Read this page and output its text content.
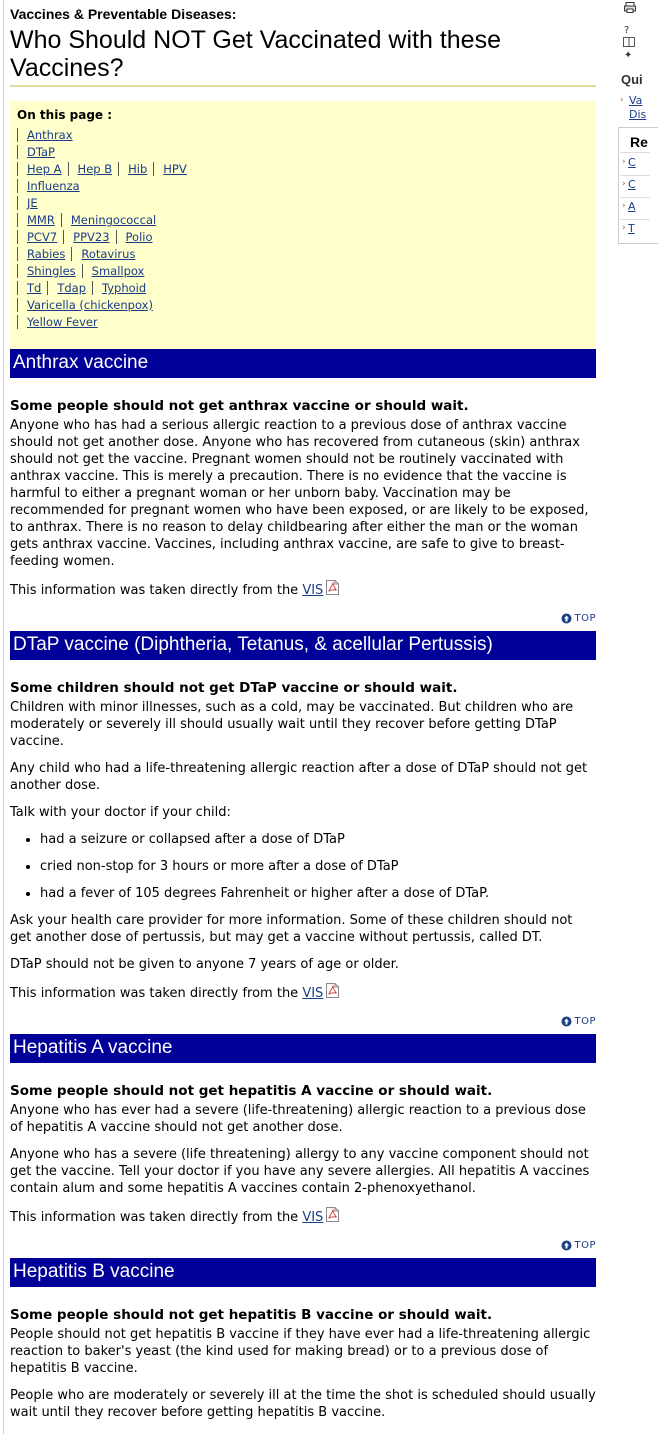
Vaccines & Preventable Diseases:
Who Should NOT Get Vaccinated with these Vaccines?
On this page :
Anthrax
DTaP
Hep A Hep B Hib HPV
Influenza
JE
MMR Meningococcal
PCV7 PPV23 Polio
Rabies Rotavirus
Shingles Smallpox
Td Tdap Typhoid
Varicella (chickenpox)
Yellow Fever
Anthrax vaccine
Some people should not get anthrax vaccine or should wait.

Anyone who has had a serious allergic reaction to a previous dose of anthrax vaccine should not get another dose. Anyone who has recovered from cutaneous (skin) anthrax should not get the vaccine. Pregnant women should not be routinely vaccinated with anthrax vaccine. This is merely a precaution. There is no evidence that the vaccine is harmful to either a pregnant woman or her unborn baby. Vaccination may be recommended for pregnant women who have been exposed, or are likely to be exposed, to anthrax. There is no reason to delay childbearing after either the man or the woman gets anthrax vaccine. Vaccines, including anthrax vaccine, are safe to give to breast-feeding women.

This information was taken directly from the VIS

TOP
DTaP vaccine (Diphtheria, Tetanus, & acellular Pertussis)
Some children should not get DTaP vaccine or should wait.

Children with minor illnesses, such as a cold, may be vaccinated. But children who are moderately or severely ill should usually wait until they recover before getting DTaP vaccine.

Any child who had a life-threatening allergic reaction after a dose of DTaP should not get another dose.

Talk with your doctor if your child:

• had a seizure or collapsed after a dose of DTaP
• cried non-stop for 3 hours or more after a dose of DTaP
• had a fever of 105 degrees Fahrenheit or higher after a dose of DTaP.

Ask your health care provider for more information. Some of these children should not get another dose of pertussis, but may get a vaccine without pertussis, called DT.

DTaP should not be given to anyone 7 years of age or older.

This information was taken directly from the VIS

TOP
Hepatitis A vaccine
Some people should not get hepatitis A vaccine or should wait.

Anyone who has ever had a severe (life-threatening) allergic reaction to a previous dose of hepatitis A vaccine should not get another dose.

Anyone who has a severe (life threatening) allergy to any vaccine component should not get the vaccine. Tell your doctor if you have any severe allergies. All hepatitis A vaccines contain alum and some hepatitis A vaccines contain 2-phenoxyethanol.

This information was taken directly from the VIS

TOP
Hepatitis B vaccine
Some people should not get hepatitis B vaccine or should wait.

People should not get hepatitis B vaccine if they have ever had a life-threatening allergic reaction to baker's yeast (the kind used for making bread) or to a previous dose of hepatitis B vaccine.

People who are moderately or severely ill at the time the shot is scheduled should usually wait until they recover before getting hepatitis B vaccine.

?
✦
Qui
› Va
Dis
Re
› C
› C
› A
› T
